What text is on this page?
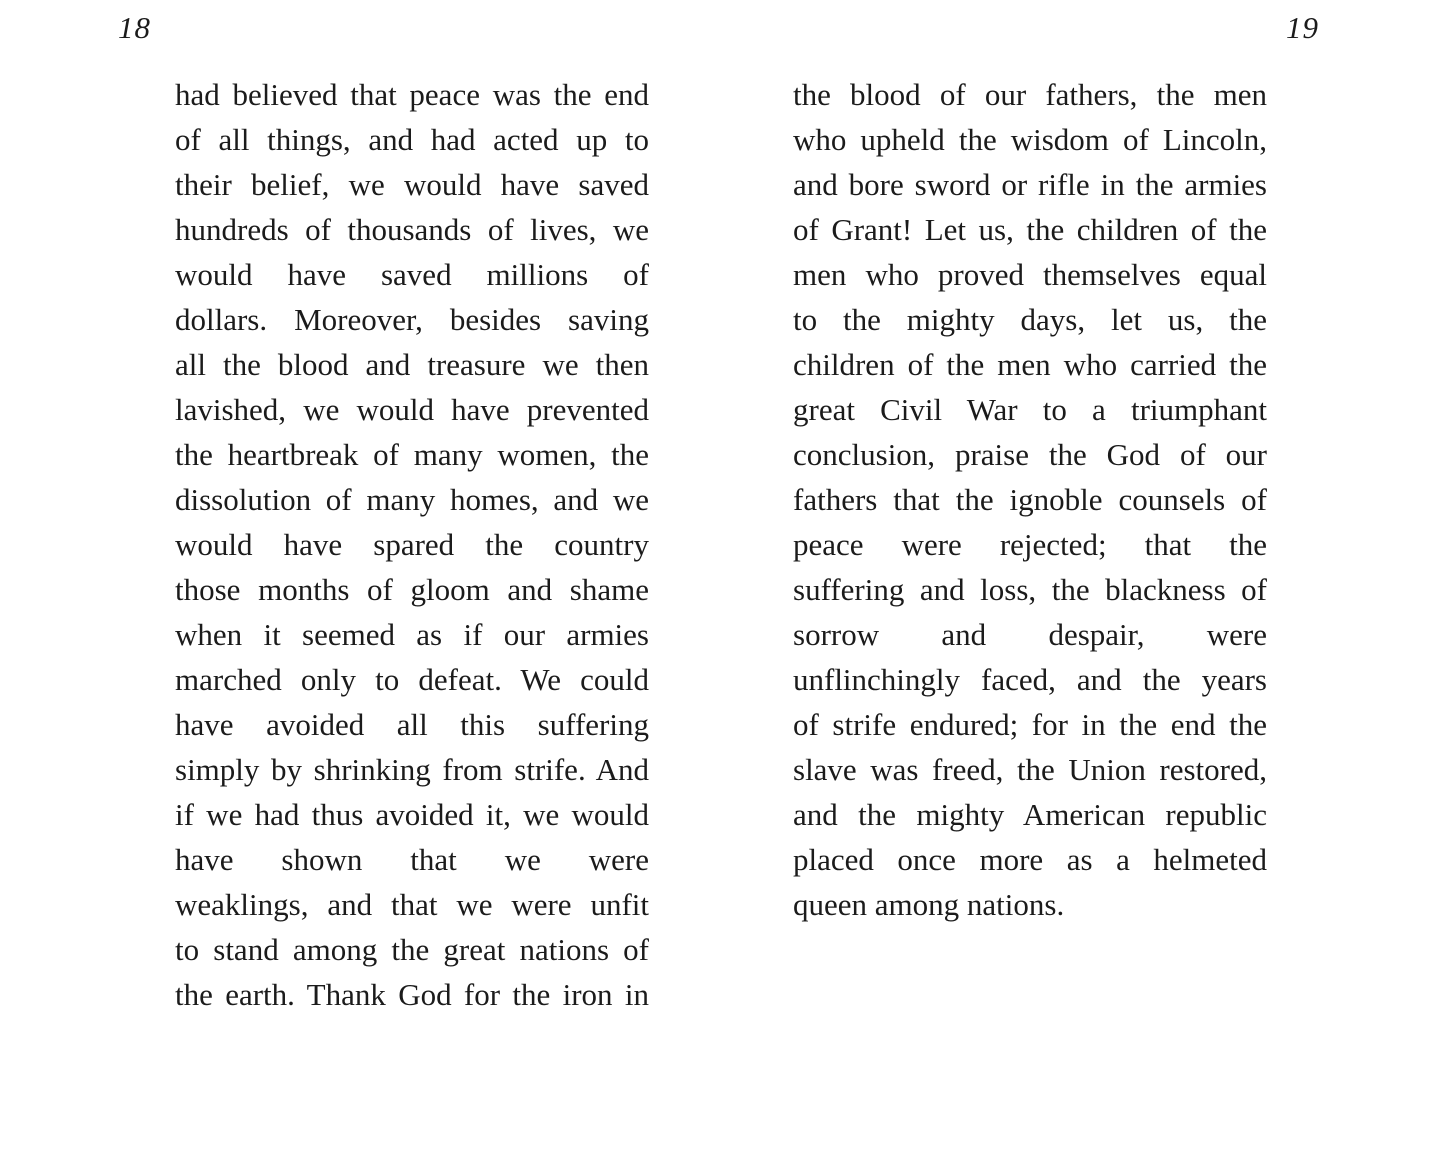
18	19
had believed that peace was the end
of all things, and had acted up to
their belief, we would have saved
hundreds of thousands of lives, we
would have saved millions of
dollars. Moreover, besides saving
all the blood and treasure we then
lavished, we would have prevented
the heartbreak of many women, the
dissolution of many homes, and we
would have spared the country
those months of gloom and shame
when it seemed as if our armies
marched only to defeat. We could
have avoided all this suffering
simply by shrinking from strife. And
if we had thus avoided it, we would
have shown that we were
weaklings, and that we were unfit
to stand among the great nations of
the earth. Thank God for the iron in
the blood of our fathers, the men
who upheld the wisdom of Lincoln,
and bore sword or rifle in the armies
of Grant! Let us, the children of the
men who proved themselves equal
to the mighty days, let us, the
children of the men who carried the
great Civil War to a triumphant
conclusion, praise the God of our
fathers that the ignoble counsels of
peace were rejected; that the
suffering and loss, the blackness of
sorrow and despair, were
unflinchingly faced, and the years
of strife endured; for in the end the
slave was freed, the Union restored,
and the mighty American republic
placed once more as a helmeted
queen among nations.
